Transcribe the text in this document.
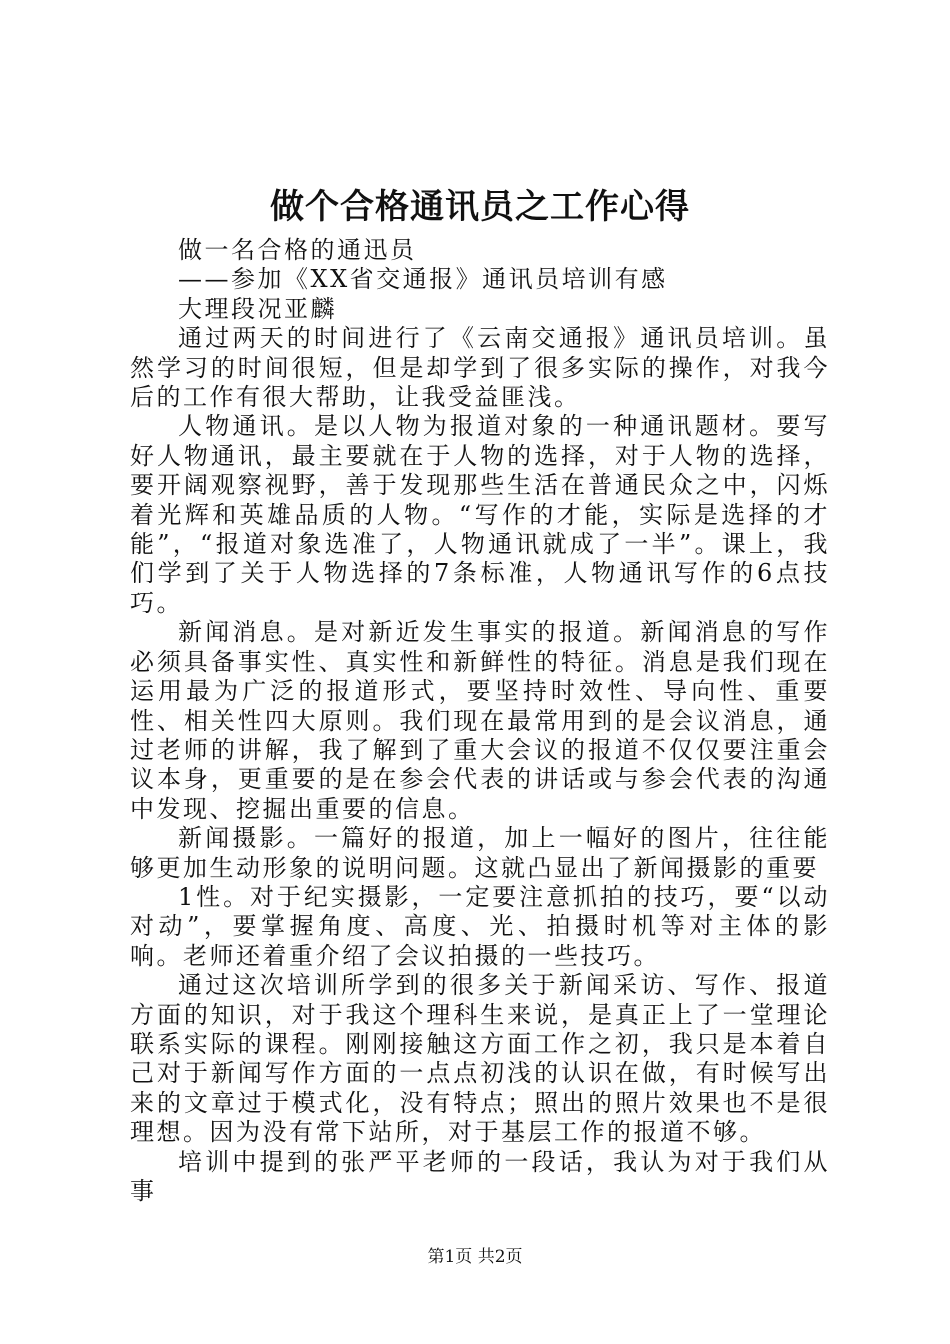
做个合格通讯员之工作心得

做一名合格的通迅员

——参加《XX省交通报》通讯员培训有感

大理段况亚麟

通过两天的时间进行了《云南交通报》通讯员培训。虽然学习的时间很短，但是却学到了很多实际的操作，对我今后的工作有很大帮助，让我受益匪浅。

人物通讯。是以人物为报道对象的一种通讯题材。要写好人物通讯，最主要就在于人物的选择，对于人物的选择，要开阔观察视野，善于发现那些生活在普通民众之中，闪烁着光辉和英雄品质的人物。“写作的才能，实际是选择的才能”，“报道对象选准了，人物通讯就成了一半”。课上，我们学到了关于人物选择的7条标准，人物通讯写作的6点技巧。

新闻消息。是对新近发生事实的报道。新闻消息的写作必须具备事实性、真实性和新鲜性的特征。消息是我们现在运用最为广泛的报道形式，要坚持时效性、导向性、重要性、相关性四大原则。我们现在最常用到的是会议消息，通过老师的讲解，我了解到了重大会议的报道不仅仅要注重会议本身，更重要的是在参会代表的讲话或与参会代表的沟通中发现、挖掘出重要的信息。

新闻摄影。一篇好的报道，加上一幅好的图片，往往能够更加生动形象的说明问题。这就凸显出了新闻摄影的重要

1性。对于纪实摄影，一定要注意抓拍的技巧，要“以动对动”，要掌握角度、高度、光、拍摄时机等对主体的影响。老师还着重介绍了会议拍摄的一些技巧。

通过这次培训所学到的很多关于新闻采访、写作、报道方面的知识，对于我这个理科生来说，是真正上了一堂理论联系实际的课程。刚刚接触这方面工作之初，我只是本着自己对于新闻写作方面的一点点初浅的认识在做，有时候写出来的文章过于模式化，没有特点；照出的照片效果也不是很理想。因为没有常下站所，对于基层工作的报道不够。

培训中提到的张严平老师的一段话，我认为对于我们从事

第1页 共2页
